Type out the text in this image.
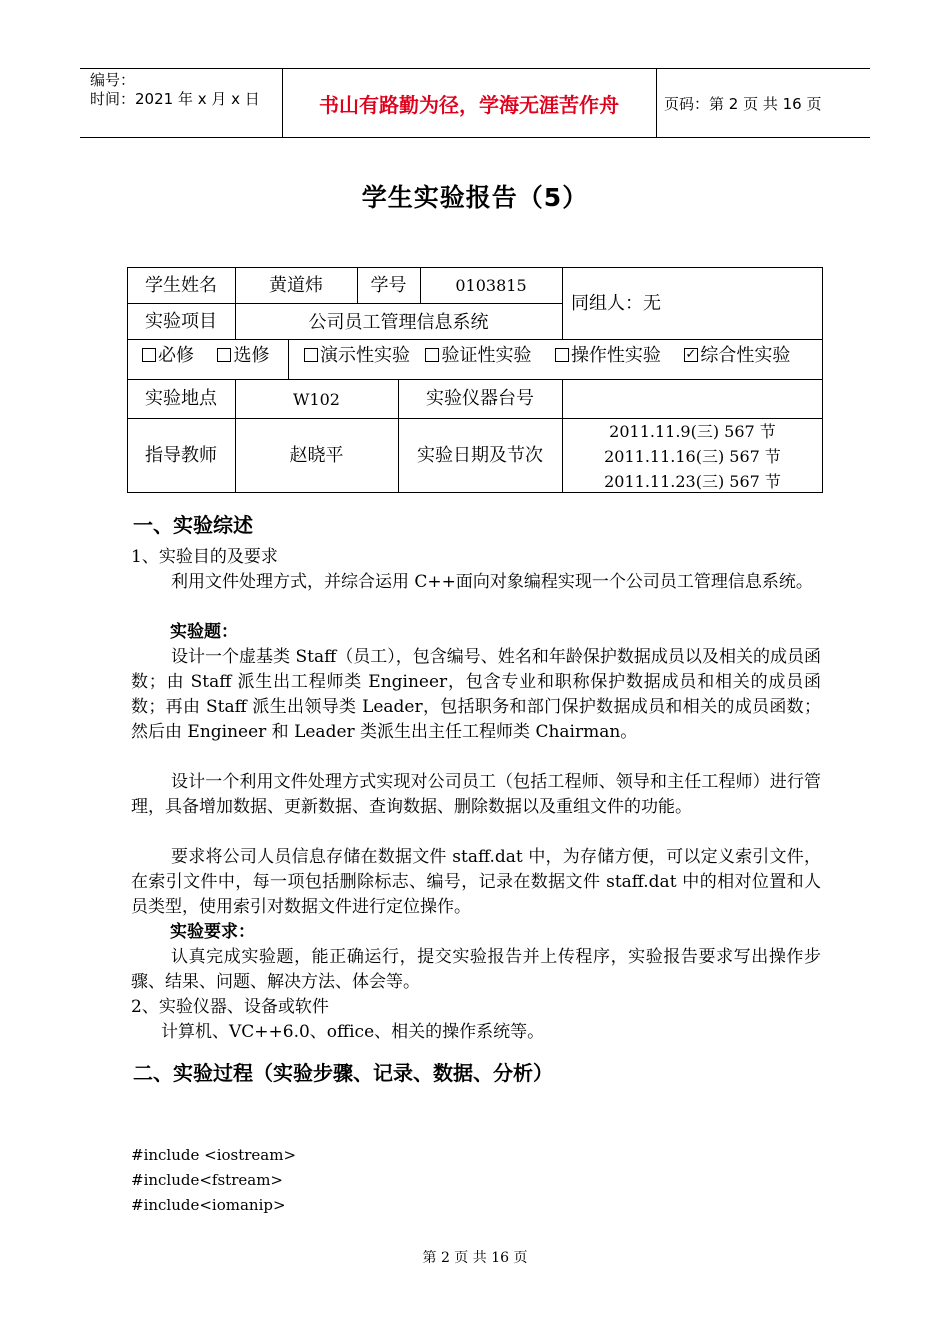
编号：
时间：2021 年 x 月 x 日	书山有路勤为径，学海无涯苦作舟	页码：第 2 页 共 16 页
学生实验报告（5）
学生姓名	黄道炜	学号	0103815
同组人：无
实验项目	公司员工管理信息系统
必修 选修	演示性实验 验证性实验 操作性实验  ✓ 综合性实验
实验地点	W102	实验仪器台号
指导教师	赵晓平	实验日期及节次
2011.11.9(三) 567 节
2011.11.16(三) 567 节
2011.11.23(三) 567 节
一、实验综述
1、实验目的及要求
利用文件处理方式，并综合运用 C++面向对象编程实现一个公司员工管理信息系统。
实验题：
设计一个虚基类 Staff（员工），包含编号、姓名和年龄保护数据成员以及相关的成员函数；由 Staff 派生出工程师类 Engineer，包含专业和职称保护数据成员和相关的成员函数；再由 Staff 派生出领导类 Leader，包括职务和部门保护数据成员和相关的成员函数；然后由 Engineer 和 Leader 类派生出主任工程师类 Chairman。
设计一个利用文件处理方式实现对公司员工（包括工程师、领导和主任工程师）进行管理，具备增加数据、更新数据、查询数据、删除数据以及重组文件的功能。
要求将公司人员信息存储在数据文件 staff.dat 中，为存储方便，可以定义索引文件，在索引文件中，每一项包括删除标志、编号，记录在数据文件 staff.dat 中的相对位置和人员类型，使用索引对数据文件进行定位操作。
实验要求：
认真完成实验题，能正确运行，提交实验报告并上传程序，实验报告要求写出操作步骤、结果、问题、解决方法、体会等。
2、实验仪器、设备或软件
计算机、VC++6.0、office、相关的操作系统等。
二、实验过程（实验步骤、记录、数据、分析）
#include <iostream>
#include<fstream>
#include<iomanip>
第 2 页 共 16 页
